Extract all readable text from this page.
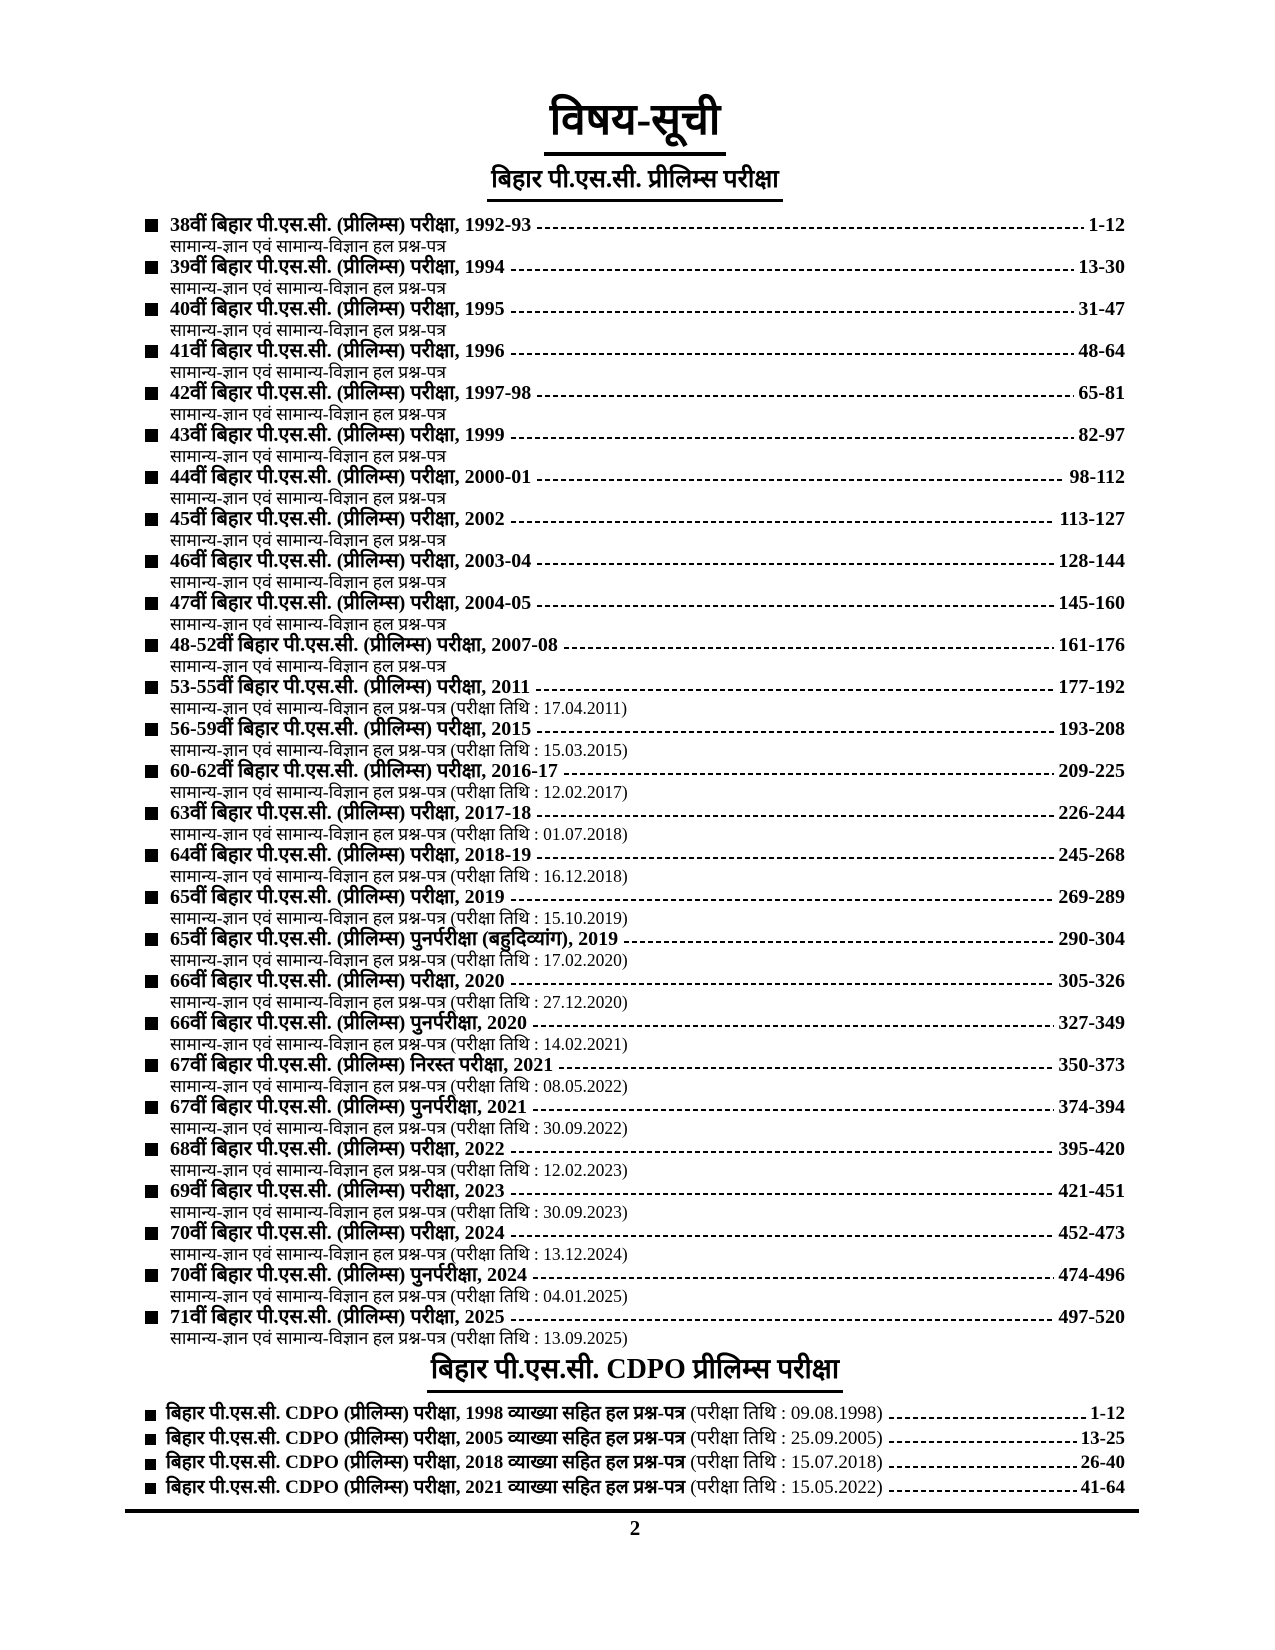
विषय-सूची
बिहार पी.एस.सी. प्रीलिम्स परीक्षा
38वीं बिहार पी.एस.सी. (प्रीलिम्स) परीक्षा, 1992-93	1-12
सामान्य-ज्ञान एवं सामान्य-विज्ञान हल प्रश्न-पत्र
39वीं बिहार पी.एस.सी. (प्रीलिम्स) परीक्षा, 1994	13-30
सामान्य-ज्ञान एवं सामान्य-विज्ञान हल प्रश्न-पत्र
40वीं बिहार पी.एस.सी. (प्रीलिम्स) परीक्षा, 1995	31-47
सामान्य-ज्ञान एवं सामान्य-विज्ञान हल प्रश्न-पत्र
41वीं बिहार पी.एस.सी. (प्रीलिम्स) परीक्षा, 1996	48-64
सामान्य-ज्ञान एवं सामान्य-विज्ञान हल प्रश्न-पत्र
42वीं बिहार पी.एस.सी. (प्रीलिम्स) परीक्षा, 1997-98	65-81
सामान्य-ज्ञान एवं सामान्य-विज्ञान हल प्रश्न-पत्र
43वीं बिहार पी.एस.सी. (प्रीलिम्स) परीक्षा, 1999	82-97
सामान्य-ज्ञान एवं सामान्य-विज्ञान हल प्रश्न-पत्र
44वीं बिहार पी.एस.सी. (प्रीलिम्स) परीक्षा, 2000-01	98-112
सामान्य-ज्ञान एवं सामान्य-विज्ञान हल प्रश्न-पत्र
45वीं बिहार पी.एस.सी. (प्रीलिम्स) परीक्षा, 2002	113-127
सामान्य-ज्ञान एवं सामान्य-विज्ञान हल प्रश्न-पत्र
46वीं बिहार पी.एस.सी. (प्रीलिम्स) परीक्षा, 2003-04	128-144
सामान्य-ज्ञान एवं सामान्य-विज्ञान हल प्रश्न-पत्र
47वीं बिहार पी.एस.सी. (प्रीलिम्स) परीक्षा, 2004-05	145-160
सामान्य-ज्ञान एवं सामान्य-विज्ञान हल प्रश्न-पत्र
48-52वीं बिहार पी.एस.सी. (प्रीलिम्स) परीक्षा, 2007-08	161-176
सामान्य-ज्ञान एवं सामान्य-विज्ञान हल प्रश्न-पत्र
53-55वीं बिहार पी.एस.सी. (प्रीलिम्स) परीक्षा, 2011	177-192
सामान्य-ज्ञान एवं सामान्य-विज्ञान हल प्रश्न-पत्र (परीक्षा तिथि : 17.04.2011)
56-59वीं बिहार पी.एस.सी. (प्रीलिम्स) परीक्षा, 2015	193-208
सामान्य-ज्ञान एवं सामान्य-विज्ञान हल प्रश्न-पत्र (परीक्षा तिथि : 15.03.2015)
60-62वीं बिहार पी.एस.सी. (प्रीलिम्स) परीक्षा, 2016-17	209-225
सामान्य-ज्ञान एवं सामान्य-विज्ञान हल प्रश्न-पत्र (परीक्षा तिथि : 12.02.2017)
63वीं बिहार पी.एस.सी. (प्रीलिम्स) परीक्षा, 2017-18	226-244
सामान्य-ज्ञान एवं सामान्य-विज्ञान हल प्रश्न-पत्र (परीक्षा तिथि : 01.07.2018)
64वीं बिहार पी.एस.सी. (प्रीलिम्स) परीक्षा, 2018-19	245-268
सामान्य-ज्ञान एवं सामान्य-विज्ञान हल प्रश्न-पत्र (परीक्षा तिथि : 16.12.2018)
65वीं बिहार पी.एस.सी. (प्रीलिम्स) परीक्षा, 2019	269-289
सामान्य-ज्ञान एवं सामान्य-विज्ञान हल प्रश्न-पत्र (परीक्षा तिथि : 15.10.2019)
65वीं बिहार पी.एस.सी. (प्रीलिम्स) पुनर्परीक्षा (बहुदिव्यांग), 2019	290-304
सामान्य-ज्ञान एवं सामान्य-विज्ञान हल प्रश्न-पत्र (परीक्षा तिथि : 17.02.2020)
66वीं बिहार पी.एस.सी. (प्रीलिम्स) परीक्षा, 2020	305-326
सामान्य-ज्ञान एवं सामान्य-विज्ञान हल प्रश्न-पत्र (परीक्षा तिथि : 27.12.2020)
66वीं बिहार पी.एस.सी. (प्रीलिम्स) पुनर्परीक्षा, 2020	327-349
सामान्य-ज्ञान एवं सामान्य-विज्ञान हल प्रश्न-पत्र (परीक्षा तिथि : 14.02.2021)
67वीं बिहार पी.एस.सी. (प्रीलिम्स) निरस्त परीक्षा, 2021	350-373
सामान्य-ज्ञान एवं सामान्य-विज्ञान हल प्रश्न-पत्र (परीक्षा तिथि : 08.05.2022)
67वीं बिहार पी.एस.सी. (प्रीलिम्स) पुनर्परीक्षा, 2021	374-394
सामान्य-ज्ञान एवं सामान्य-विज्ञान हल प्रश्न-पत्र (परीक्षा तिथि : 30.09.2022)
68वीं बिहार पी.एस.सी. (प्रीलिम्स) परीक्षा, 2022	395-420
सामान्य-ज्ञान एवं सामान्य-विज्ञान हल प्रश्न-पत्र (परीक्षा तिथि : 12.02.2023)
69वीं बिहार पी.एस.सी. (प्रीलिम्स) परीक्षा, 2023	421-451
सामान्य-ज्ञान एवं सामान्य-विज्ञान हल प्रश्न-पत्र (परीक्षा तिथि : 30.09.2023)
70वीं बिहार पी.एस.सी. (प्रीलिम्स) परीक्षा, 2024	452-473
सामान्य-ज्ञान एवं सामान्य-विज्ञान हल प्रश्न-पत्र (परीक्षा तिथि : 13.12.2024)
70वीं बिहार पी.एस.सी. (प्रीलिम्स) पुनर्परीक्षा, 2024	474-496
सामान्य-ज्ञान एवं सामान्य-विज्ञान हल प्रश्न-पत्र (परीक्षा तिथि : 04.01.2025)
71वीं बिहार पी.एस.सी. (प्रीलिम्स) परीक्षा, 2025	497-520
सामान्य-ज्ञान एवं सामान्य-विज्ञान हल प्रश्न-पत्र (परीक्षा तिथि : 13.09.2025)
बिहार पी.एस.सी. CDPO प्रीलिम्स परीक्षा
बिहार पी.एस.सी. CDPO (प्रीलिम्स) परीक्षा, 1998 व्याख्या सहित हल प्रश्न-पत्र (परीक्षा तिथि : 09.08.1998)	1-12
बिहार पी.एस.सी. CDPO (प्रीलिम्स) परीक्षा, 2005 व्याख्या सहित हल प्रश्न-पत्र (परीक्षा तिथि : 25.09.2005)	13-25
बिहार पी.एस.सी. CDPO (प्रीलिम्स) परीक्षा, 2018 व्याख्या सहित हल प्रश्न-पत्र (परीक्षा तिथि : 15.07.2018)	26-40
बिहार पी.एस.सी. CDPO (प्रीलिम्स) परीक्षा, 2021 व्याख्या सहित हल प्रश्न-पत्र (परीक्षा तिथि : 15.05.2022)	41-64
2
